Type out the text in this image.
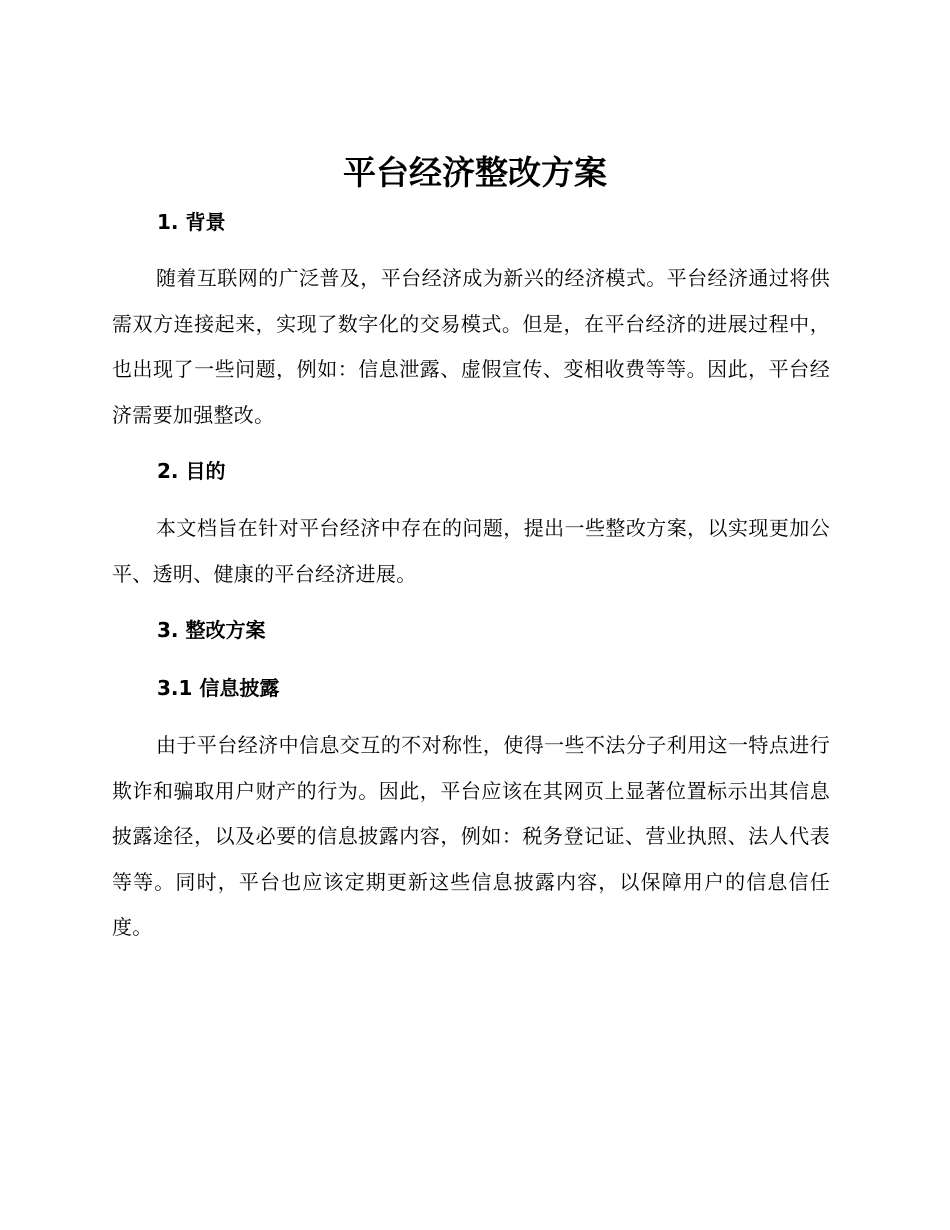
平台经济整改方案
1. 背景

随着互联网的广泛普及，平台经济成为新兴的经济模式。平台经济通过将供需双方连接起来，实现了数字化的交易模式。但是，在平台经济的进展过程中，也出现了一些问题，例如：信息泄露、虚假宣传、变相收费等等。因此，平台经济需要加强整改。

2. 目的

本文档旨在针对平台经济中存在的问题，提出一些整改方案，以实现更加公平、透明、健康的平台经济进展。

3. 整改方案
3.1 信息披露

由于平台经济中信息交互的不对称性，使得一些不法分子利用这一特点进行欺诈和骗取用户财产的行为。因此，平台应该在其网页上显著位置标示出其信息披露途径，以及必要的信息披露内容，例如：税务登记证、营业执照、法人代表等等。同时，平台也应该定期更新这些信息披露内容，以保障用户的信息信任度。
